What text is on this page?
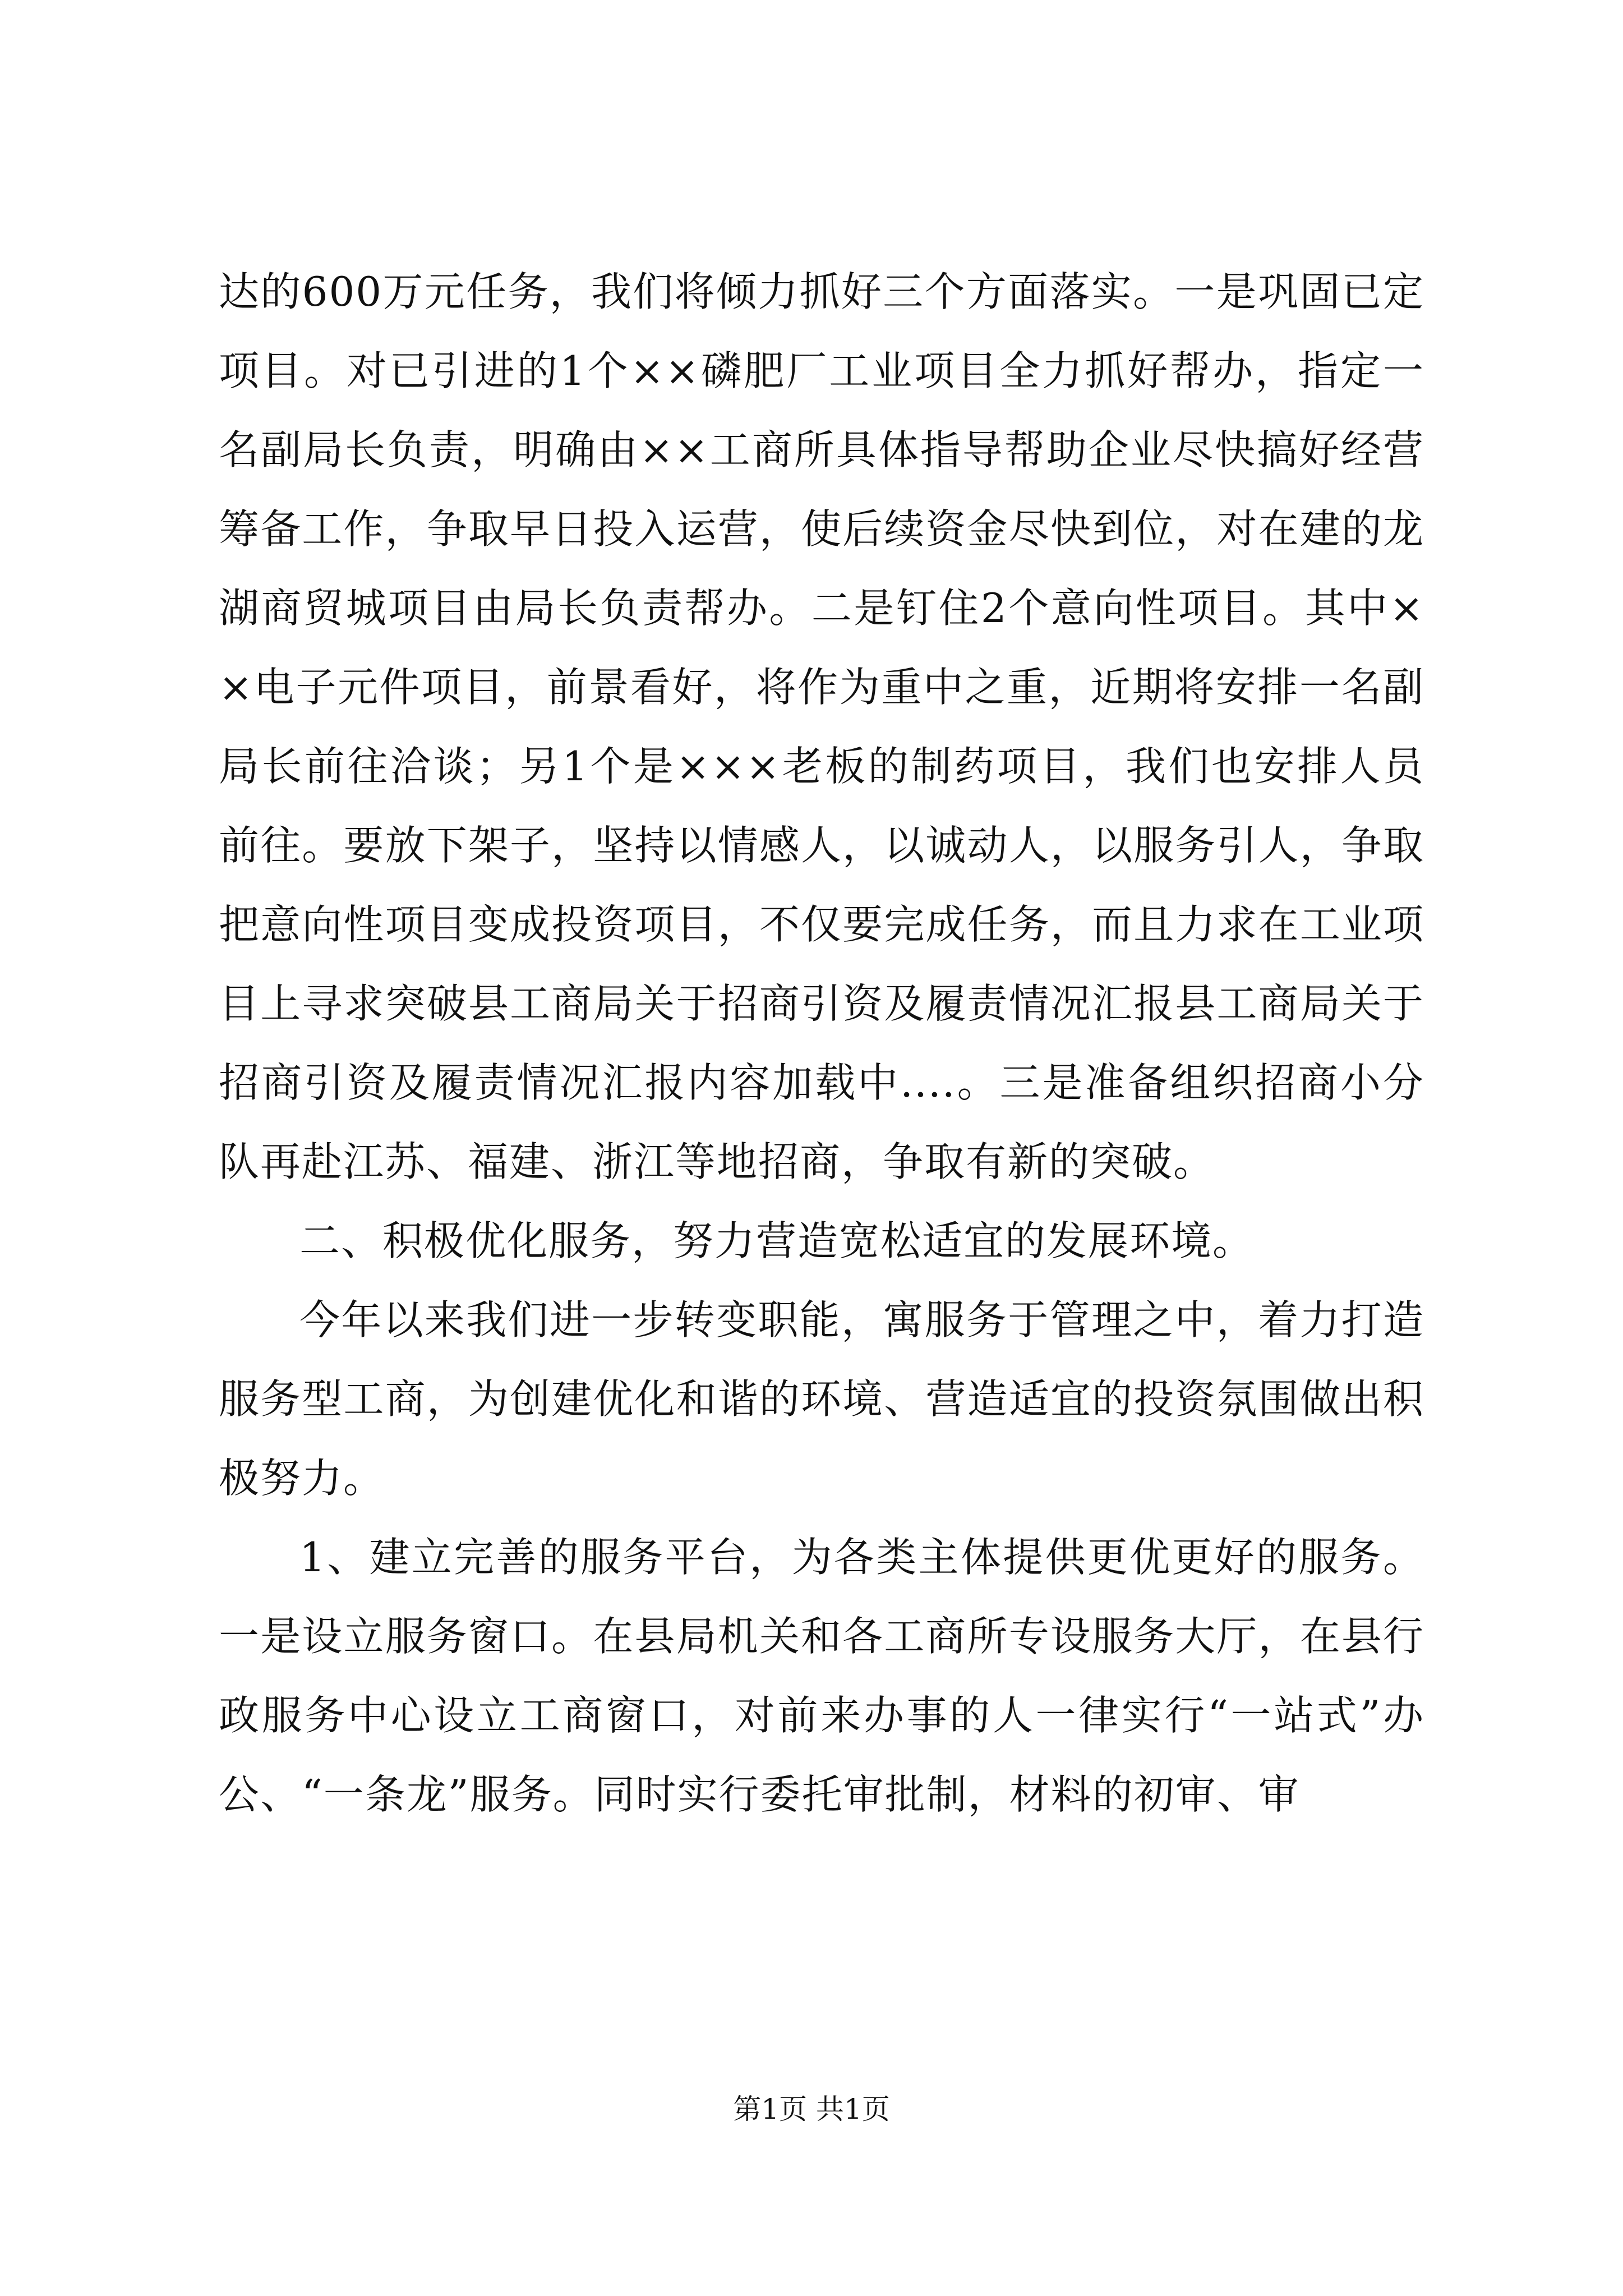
达的600万元任务，我们将倾力抓好三个方面落实。一是巩固已定项目。对已引进的1个××磷肥厂工业项目全力抓好帮办，指定一名副局长负责，明确由××工商所具体指导帮助企业尽快搞好经营筹备工作，争取早日投入运营，使后续资金尽快到位，对在建的龙湖商贸城项目由局长负责帮办。二是钉住2个意向性项目。其中××电子元件项目，前景看好，将作为重中之重，近期将安排一名副局长前往洽谈；另1个是×××老板的制药项目，我们也安排人员前往。要放下架子，坚持以情感人，以诚动人，以服务引人，争取把意向性项目变成投资项目，不仅要完成任务，而且力求在工业项目上寻求突破县工商局关于招商引资及履责情况汇报县工商局关于招商引资及履责情况汇报内容加载中....。三是准备组织招商小分队再赴江苏、福建、浙江等地招商，争取有新的突破。

二、积极优化服务，努力营造宽松适宜的发展环境。

今年以来我们进一步转变职能，寓服务于管理之中，着力打造服务型工商，为创建优化和谐的环境、营造适宜的投资氛围做出积极努力。

1、建立完善的服务平台，为各类主体提供更优更好的服务。一是设立服务窗口。在县局机关和各工商所专设服务大厅，在县行政服务中心设立工商窗口，对前来办事的人一律实行“一站式”办公、“一条龙”服务。同时实行委托审批制，材料的初审、审

第1页 共1页
